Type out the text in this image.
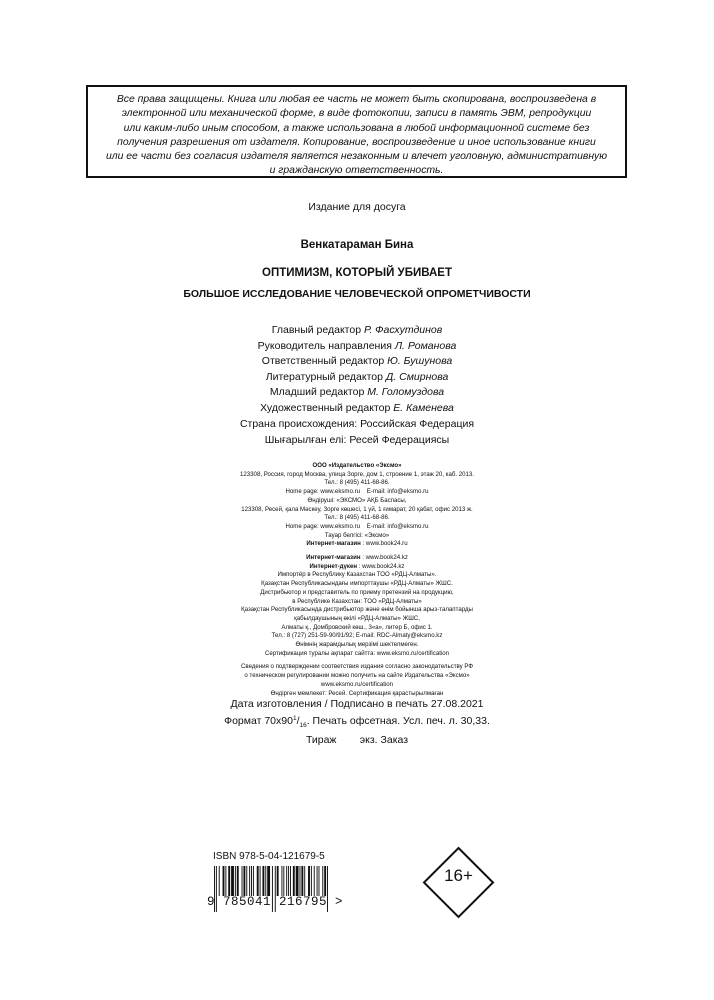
Все права защищены. Книга или любая ее часть не может быть скопирована, воспроизведена в
электронной или механической форме, в виде фотокопии, записи в память ЭВМ, репродукции
или каким-либо иным способом, а также использована в любой информационной системе без
получения разрешения от издателя. Копирование, воспроизведение и иное использование книги
или ее части без согласия издателя является незаконным и влечет уголовную, административную
и гражданскую ответственность.
Издание для досуга
Венкатараман Бина
ОПТИМИЗМ, КОТОРЫЙ УБИВАЕТ
БОЛЬШОЕ ИССЛЕДОВАНИЕ ЧЕЛОВЕЧЕСКОЙ ОПРОМЕТЧИВОСТИ
Главный редактор Р. Фасхутдинов
Руководитель направления Л. Романова
Ответственный редактор Ю. Бушунова
Литературный редактор Д. Смирнова
Младший редактор М. Голомуздова
Художественный редактор Е. Каменева
Страна происхождения: Российская Федерация
Шығарылған елі: Ресей Федерациясы
ООО «Издательство «Эксмо»
123308, Россия, город Москва, улица Зорге, дом 1, строение 1, этаж 20, каб. 2013.
Тел.: 8 (495) 411-68-86.
Home page: www.eksmo.ru    E-mail: info@eksmo.ru
Өндіруші: «ЭКСМО» АҚБ Баспасы,
123308, Ресей, қала Мәскеу, Зорге көшесі, 1 үй, 1 ғимарат, 20 қабат, офис 2013 ж.
Тел.: 8 (495) 411-68-86.
Home page: www.eksmo.ru    E-mail: info@eksmo.ru
Тауар белгісі: «Эксмо»
Интернет-магазин : www.book24.ru
Интернет-магазин : www.book24.kz
Интернет-дүкен : www.book24.kz
Импортёр в Республику Казахстан ТОО «РДЦ-Алматы».
Қазақстан Республикасындағы импорттаушы «РДЦ-Алматы» ЖШС.
Дистрибьютор и представитель по приему претензий на продукцию,
в Республике Казахстан: ТОО «РДЦ-Алматы»
Қазақстан Республикасында дистрибьютор және өнім бойынша арыз-талаптарды
қабылдаушының өкілі «РДЦ-Алматы» ЖШС,
Алматы қ., Домбровский көш., 3«а», литер Б, офис 1.
Тел.: 8 (727) 251-59-90/91/92; E-mail: RDC-Almaty@eksmo.kz
Өнімнің жарамдылық мерзімі шектелмеген.
Сертификация туралы ақпарат сайтта: www.eksmo.ru/certification
Сведения о подтверждении соответствия издания согласно законодательству РФ
о техническом регулировании можно получить на сайте Издательства «Эксмо»
www.eksmo.ru/certification
Өндірген мемлекет: Ресей. Сертификация қарастырылмаған
Дата изготовления / Подписано в печать 27.08.2021
Формат $70x90^1/_{16}$. Печать офсетная. Усл. печ. л. 30,33.
Тираж        экз. Заказ
ISBN 978-5-04-121679-5
9 785041 216795 >
16+
